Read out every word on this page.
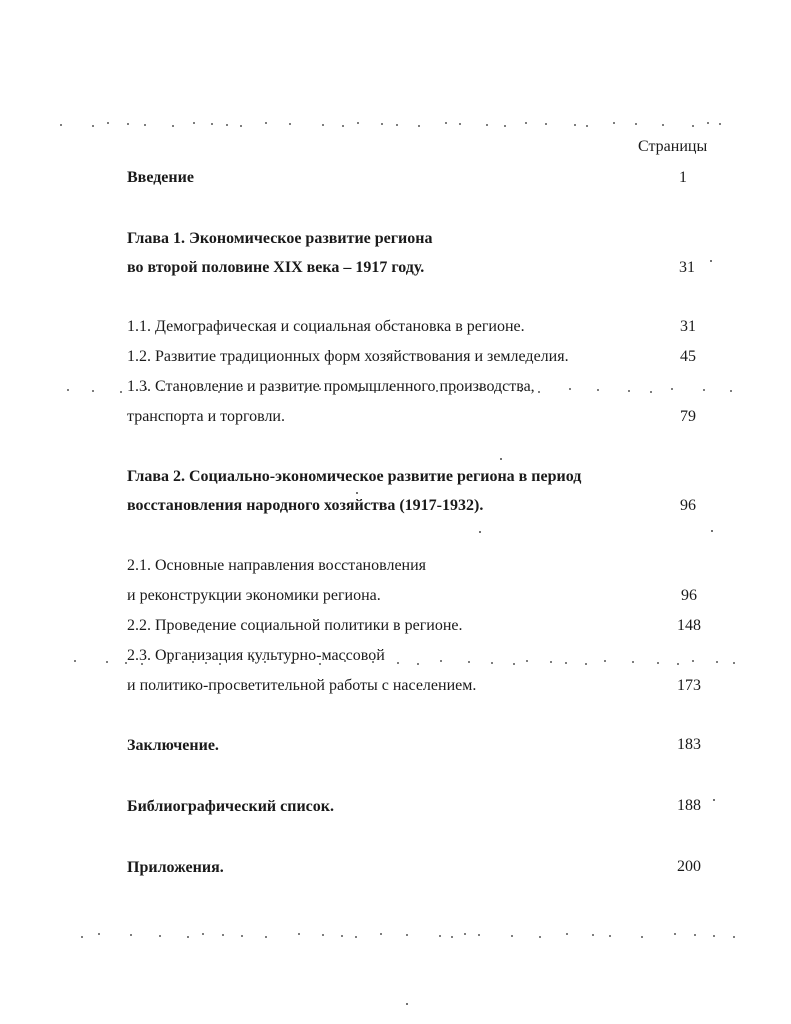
Страницы
Введение	1
Глава 1. Экономическое развитие региона
во второй половине XIX века – 1917 году.	31
1.1. Демографическая и социальная обстановка в регионе.	31
1.2. Развитие традиционных форм хозяйствования и земледелия.	45
1.3. Становление и развитие промышленного производства,
транспорта и торговли.	79
Глава 2. Социально-экономическое развитие региона в период
восстановления народного хозяйства (1917-1932).	96
2.1. Основные направления восстановления
и реконструкции экономики региона.	96
2.2. Проведение социальной политики в регионе.	148
2.3. Организация культурно-массовой
и политико-просветительной работы с населением.	173
Заключение.	183
Библиографический список.	188
Приложения.	200
